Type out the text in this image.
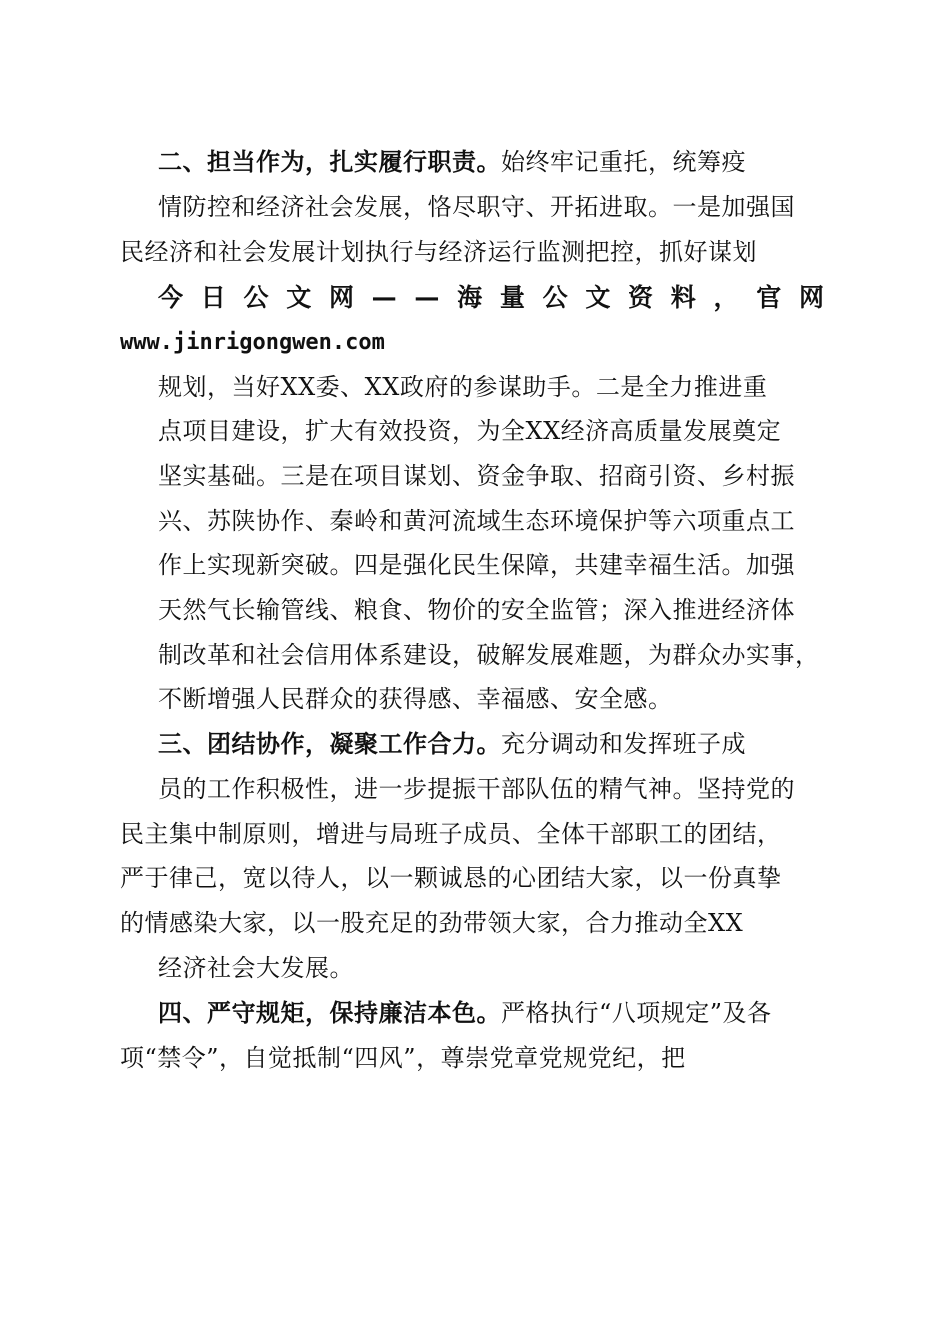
二、担当作为，扎实履行职责。始终牢记重托，统筹疫
情防控和经济社会发展，恪尽职守、开拓进取。一是加强国
民经济和社会发展计划执行与经济运行监测把控，抓好谋划
今 日 公 文 网 — — 海 量 公 文 资 料 ， 官 网
www.jinrigongwen.com
规划，当好XX委、XX政府的参谋助手。二是全力推进重
点项目建设，扩大有效投资，为全XX经济高质量发展奠定
坚实基础。三是在项目谋划、资金争取、招商引资、乡村振
兴、苏陕协作、秦岭和黄河流域生态环境保护等六项重点工
作上实现新突破。四是强化民生保障，共建幸福生活。加强
天然气长输管线、粮食、物价的安全监管；深入推进经济体
制改革和社会信用体系建设，破解发展难题，为群众办实事，
不断增强人民群众的获得感、幸福感、安全感。
三、团结协作，凝聚工作合力。充分调动和发挥班子成
员的工作积极性，进一步提振干部队伍的精气神。坚持党的
民主集中制原则，增进与局班子成员、全体干部职工的团结，
严于律己，宽以待人，以一颗诚恳的心团结大家，以一份真挚
的情感染大家，以一股充足的劲带领大家，合力推动全XX
经济社会大发展。
四、严守规矩，保持廉洁本色。严格执行“八项规定”及各
项“禁令”，自觉抵制“四风”，尊崇党章党规党纪，把
